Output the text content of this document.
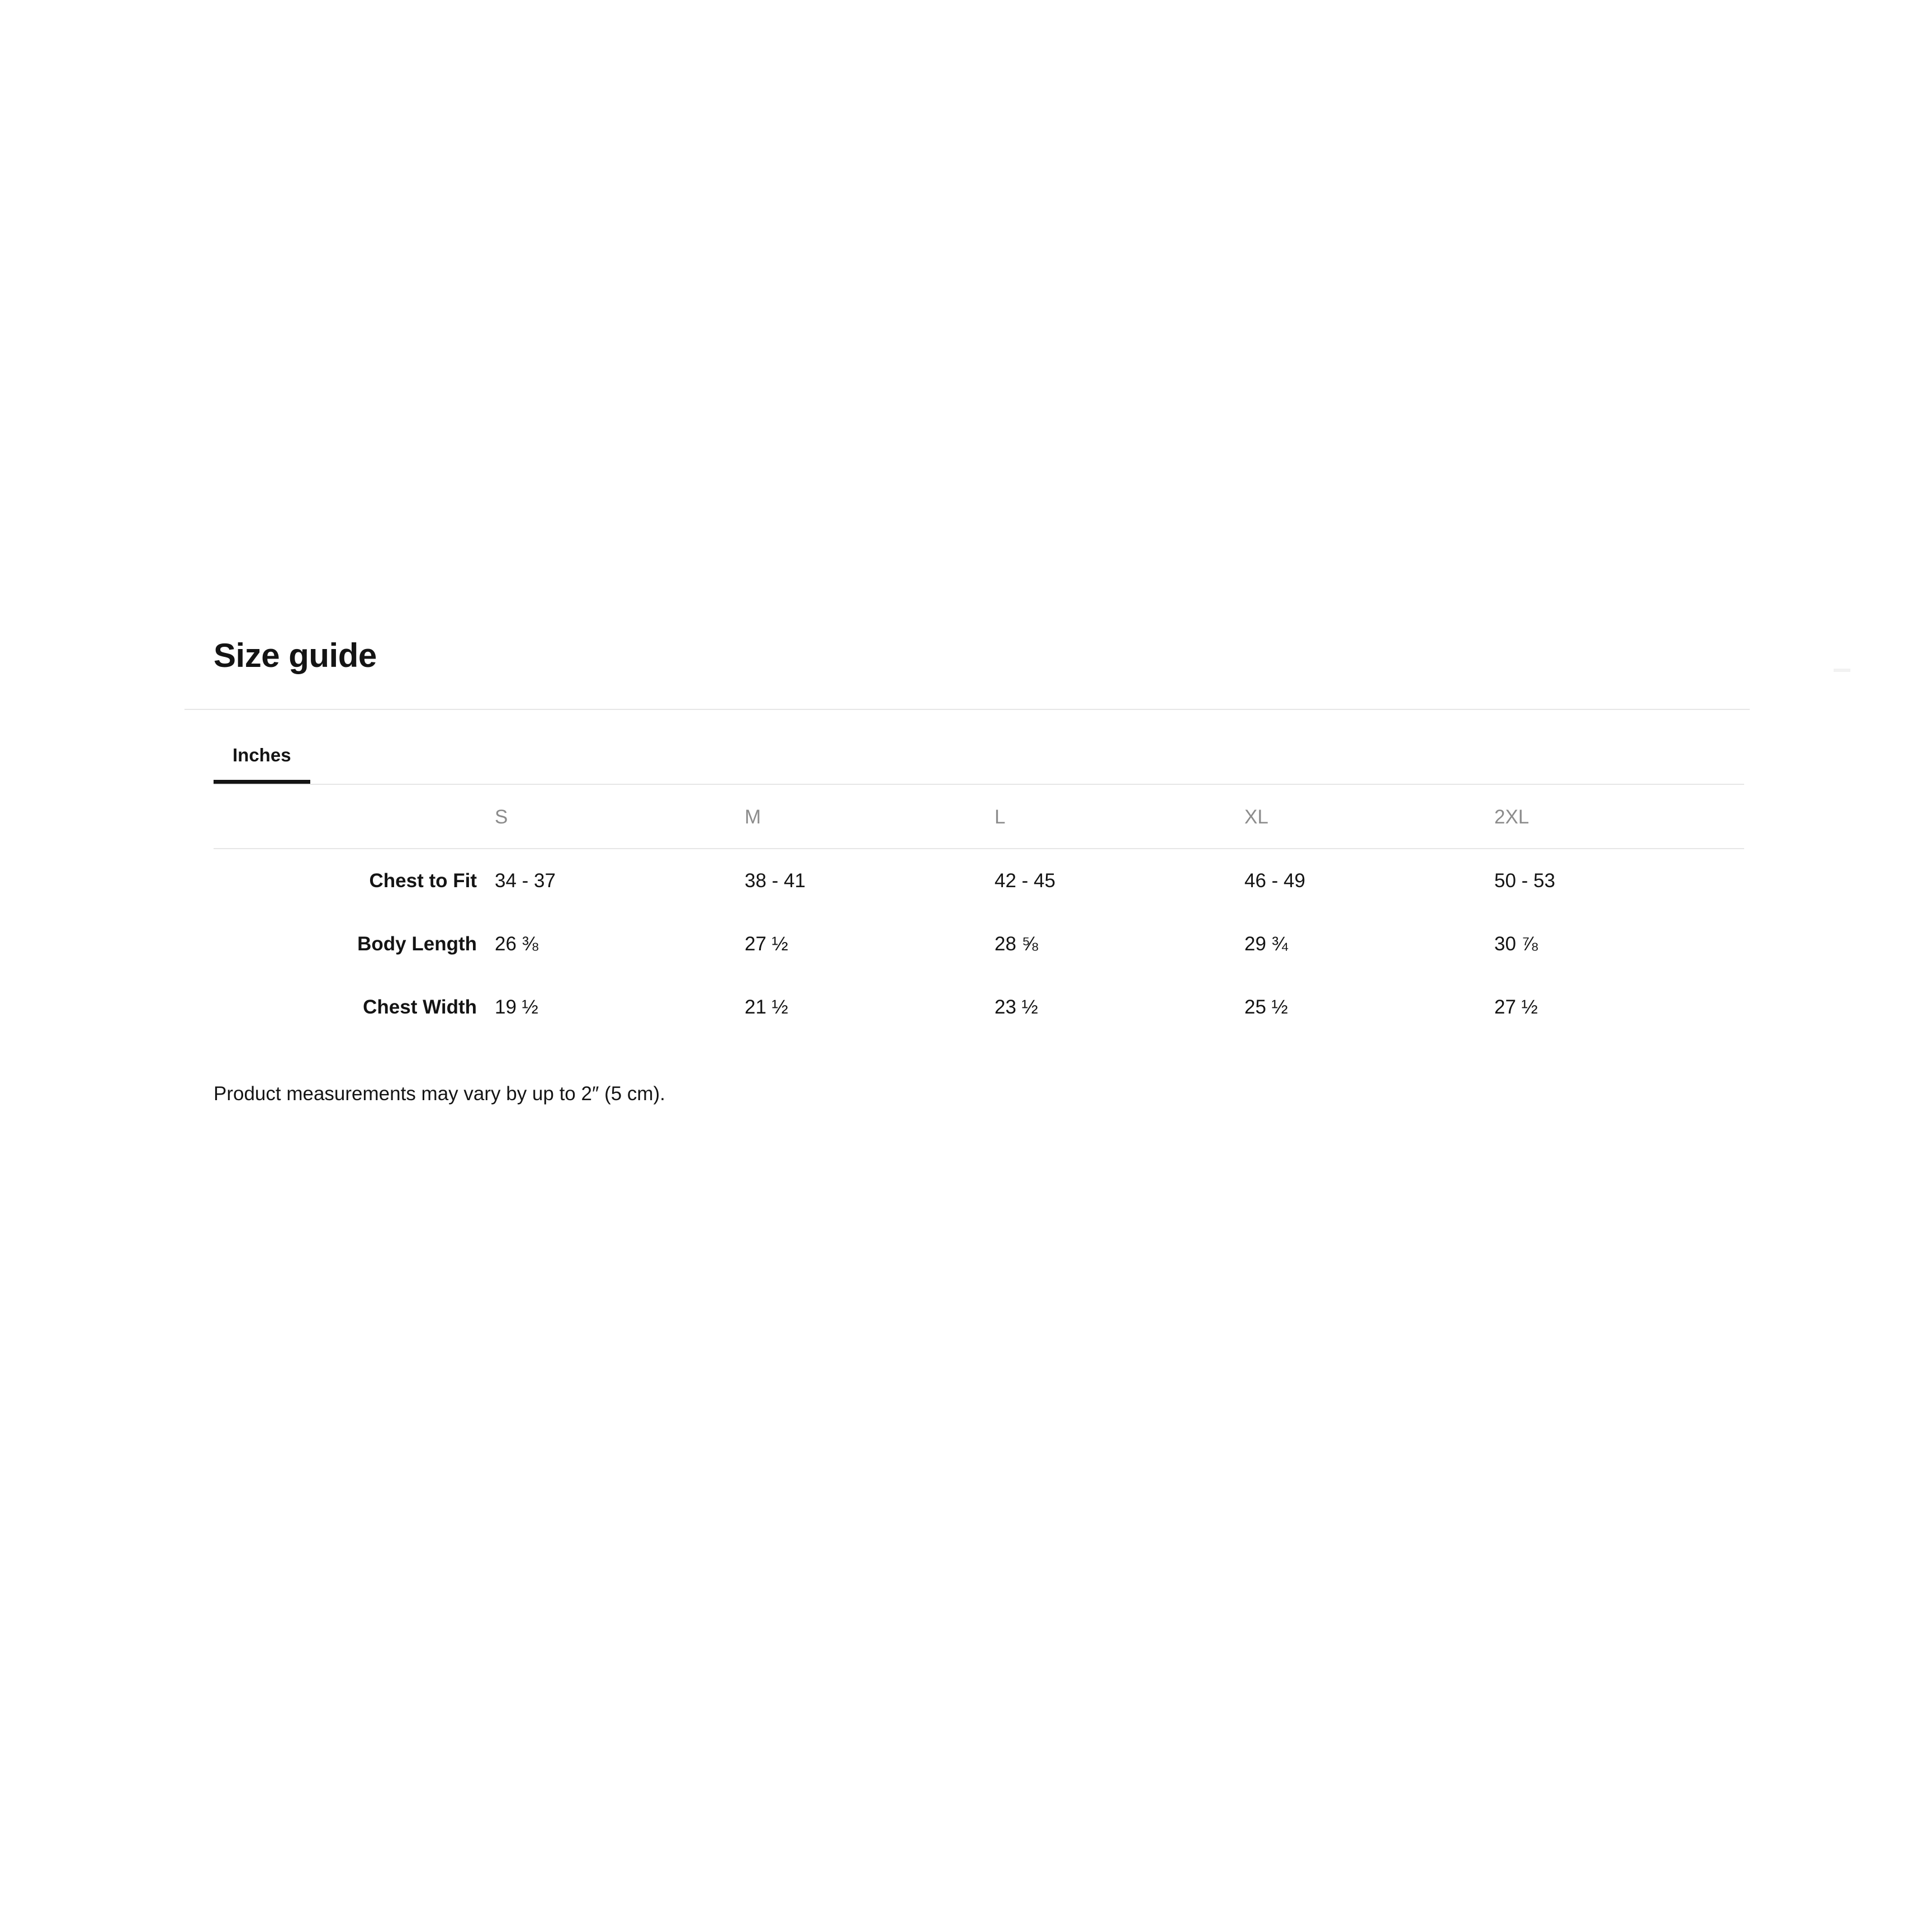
Size guide
Inches
	S	M	L	XL	2XL
Chest to Fit	34 - 37	38 - 41	42 - 45	46 - 49	50 - 53
Body Length	26 ⅜	27 ½	28 ⅝	29 ¾	30 ⅞
Chest Width	19 ½	21 ½	23 ½	25 ½	27 ½

Product measurements may vary by up to 2″ (5 cm).
